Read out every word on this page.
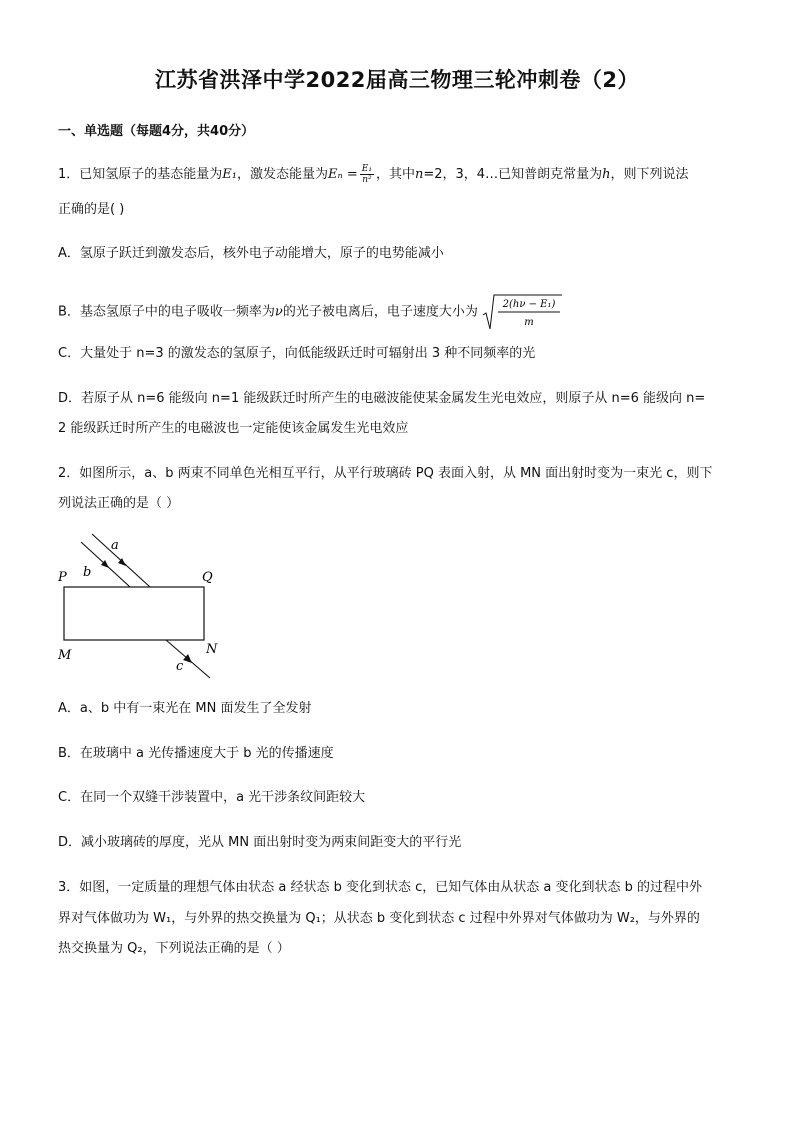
江苏省洪泽中学2022届高三物理三轮冲刺卷（2）
一、单选题（每题4分，共40分）
1．已知氢原子的基态能量为E₁，激发态能量为$E_n = \frac{\text{E₁}}{\text{n²}}$ ，其中n=2，3，4…已知普朗克常量为h，则下列说法
正确的是( )
A．氢原子跃迁到激发态后，核外电子动能增大，原子的电势能减小
B．基态氢原子中的电子吸收一频率为ν的光子被电离后，电子速度大小为 2(hν − E₁)
m
C．大量处于 n=3 的激发态的氢原子，向低能级跃迁时可辐射出 3 种不同频率的光
D．若原子从 n=6 能级向 n=1 能级跃迁时所产生的电磁波能使某金属发生光电效应，则原子从 n=6 能级向 n=
2 能级跃迁时所产生的电磁波也一定能使该金属发生光电效应
2．如图所示，a、b 两束不同单色光相互平行，从平行玻璃砖 PQ 表面入射，从 MN 面出射时变为一束光 c，则下
列说法正确的是（ ）
a
b
P	Q
M	N
c
A．a、b 中有一束光在 MN 面发生了全发射
B．在玻璃中 a 光传播速度大于 b 光的传播速度
C．在同一个双缝干涉装置中，a 光干涉条纹间距较大
D．减小玻璃砖的厚度，光从 MN 面出射时变为两束间距变大的平行光
3．如图，一定质量的理想气体由状态 a 经状态 b 变化到状态 c，已知气体由从状态 a 变化到状态 b 的过程中外
界对气体做功为 W₁，与外界的热交换量为 Q₁；从状态 b 变化到状态 c 过程中外界对气体做功为 W₂，与外界的
热交换量为 Q₂，下列说法正确的是（ ）
